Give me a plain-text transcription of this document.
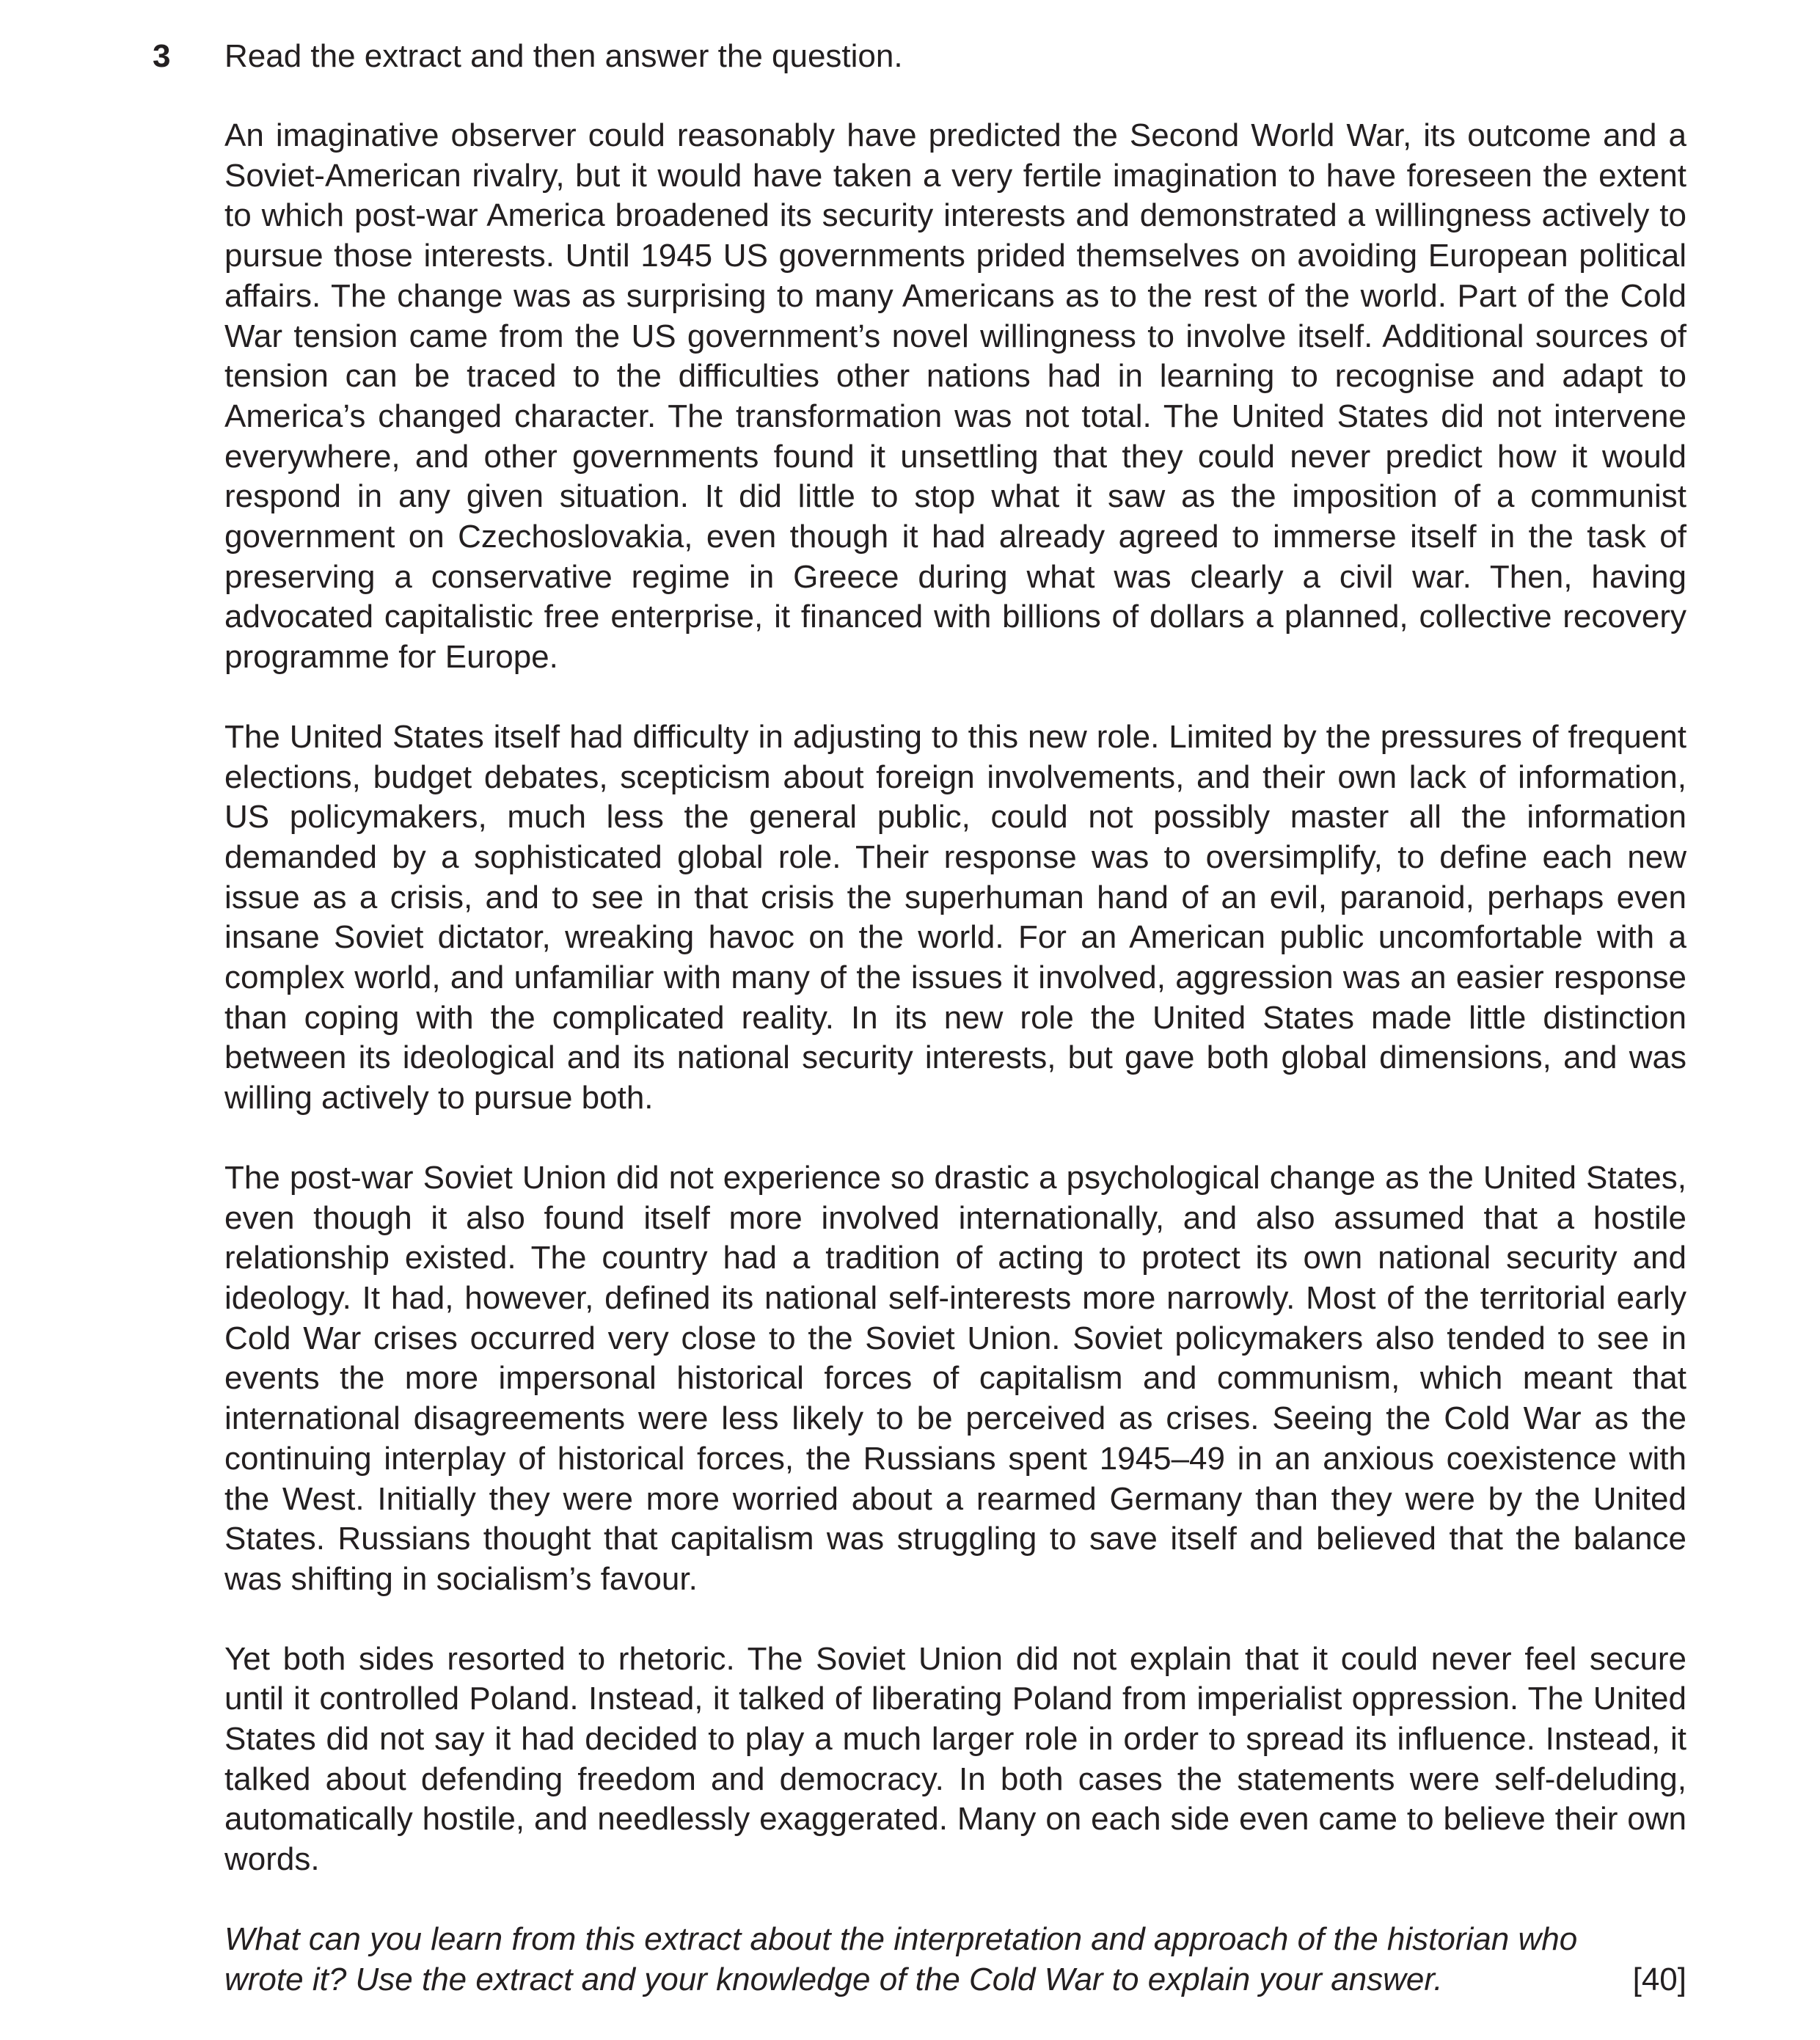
3 Read the extract and then answer the question.

An imaginative observer could reasonably have predicted the Second World War, its outcome and a Soviet-American rivalry, but it would have taken a very fertile imagination to have foreseen the extent to which post-war America broadened its security interests and demonstrated a willingness actively to pursue those interests. Until 1945 US governments prided themselves on avoiding European political affairs. The change was as surprising to many Americans as to the rest of the world. Part of the Cold War tension came from the US government’s novel willingness to involve itself. Additional sources of tension can be traced to the difficulties other nations had in learning to recognise and adapt to America’s changed character. The transformation was not total. The United States did not intervene everywhere, and other governments found it unsettling that they could never predict how it would respond in any given situation. It did little to stop what it saw as the imposition of a communist government on Czechoslovakia, even though it had already agreed to immerse itself in the task of preserving a conservative regime in Greece during what was clearly a civil war. Then, having advocated capitalistic free enterprise, it financed with billions of dollars a planned, collective recovery programme for Europe.

The United States itself had difficulty in adjusting to this new role. Limited by the pressures of frequent elections, budget debates, scepticism about foreign involvements, and their own lack of information, US policymakers, much less the general public, could not possibly master all the information demanded by a sophisticated global role. Their response was to oversimplify, to define each new issue as a crisis, and to see in that crisis the superhuman hand of an evil, paranoid, perhaps even insane Soviet dictator, wreaking havoc on the world. For an American public uncomfortable with a complex world, and unfamiliar with many of the issues it involved, aggression was an easier response than coping with the complicated reality. In its new role the United States made little distinction between its ideological and its national security interests, but gave both global dimensions, and was willing actively to pursue both.

The post-war Soviet Union did not experience so drastic a psychological change as the United States, even though it also found itself more involved internationally, and also assumed that a hostile relationship existed. The country had a tradition of acting to protect its own national security and ideology. It had, however, defined its national self-interests more narrowly. Most of the territorial early Cold War crises occurred very close to the Soviet Union. Soviet policymakers also tended to see in events the more impersonal historical forces of capitalism and communism, which meant that international disagreements were less likely to be perceived as crises. Seeing the Cold War as the continuing interplay of historical forces, the Russians spent 1945–49 in an anxious coexistence with the West. Initially they were more worried about a rearmed Germany than they were by the United States. Russians thought that capitalism was struggling to save itself and believed that the balance was shifting in socialism’s favour.

Yet both sides resorted to rhetoric. The Soviet Union did not explain that it could never feel secure until it controlled Poland. Instead, it talked of liberating Poland from imperialist oppression. The United States did not say it had decided to play a much larger role in order to spread its influence. Instead, it talked about defending freedom and democracy. In both cases the statements were self-deluding, automatically hostile, and needlessly exaggerated. Many on each side even came to believe their own words.

What can you learn from this extract about the interpretation and approach of the historian who
wrote it? Use the extract and your knowledge of the Cold War to explain your answer.	[40]
